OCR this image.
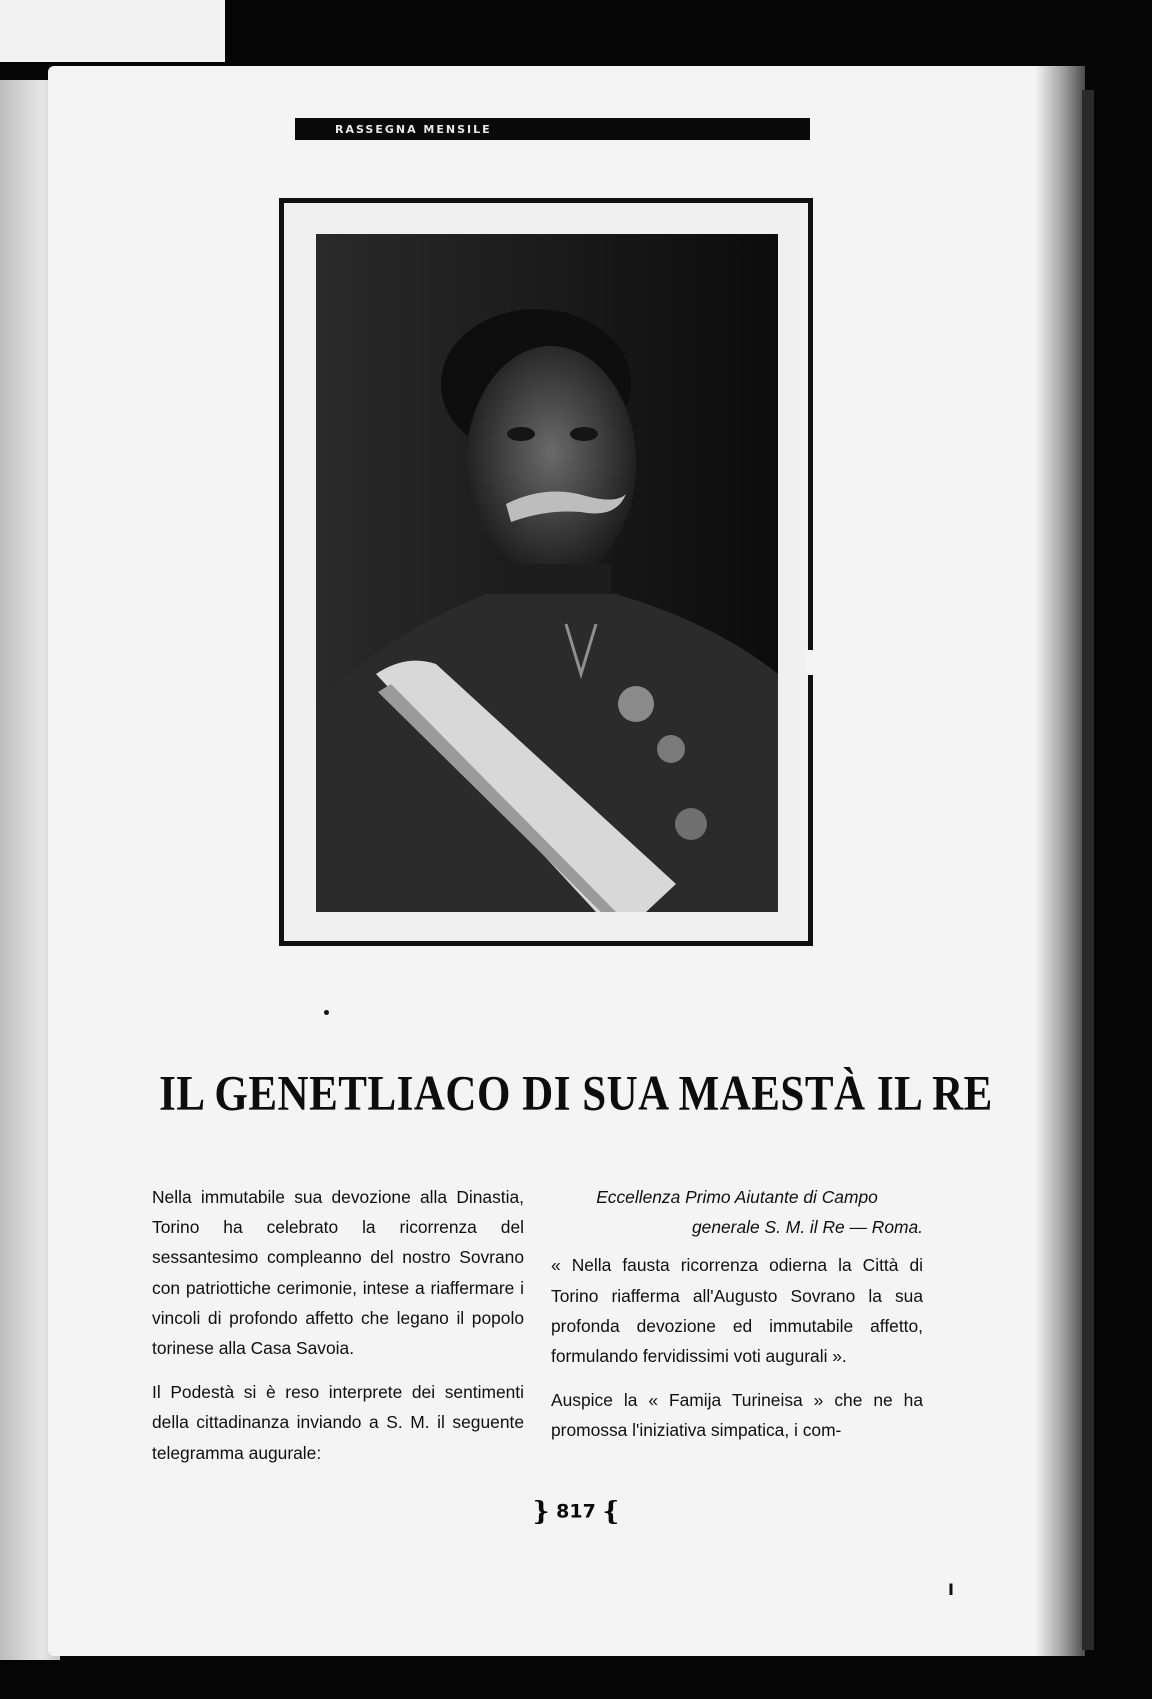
RASSEGNA MENSILE
IL GENETLIACO DI SUA MAESTÀ IL RE

Nella immutabile sua devozione alla Dinastia, Torino ha celebrato la ricorrenza del sessantesimo compleanno del nostro Sovrano con patriottiche cerimonie, intese a riaffermare i vincoli di profondo affetto che legano il popolo torinese alla Casa Savoia.

Il Podestà si è reso interprete dei sentimenti della cittadinanza inviando a S. M. il seguente telegramma augurale:

Eccellenza Primo Aiutante di Campo

generale S. M. il Re — Roma.

« Nella fausta ricorrenza odierna la Città di Torino riafferma all'Augusto Sovrano la sua profonda devozione ed immutabile affetto, formulando fervidissimi voti augurali ».

Auspice la « Famija Turineisa » che ne ha promossa l'iniziativa simpatica, i com-

} 817 {
I
